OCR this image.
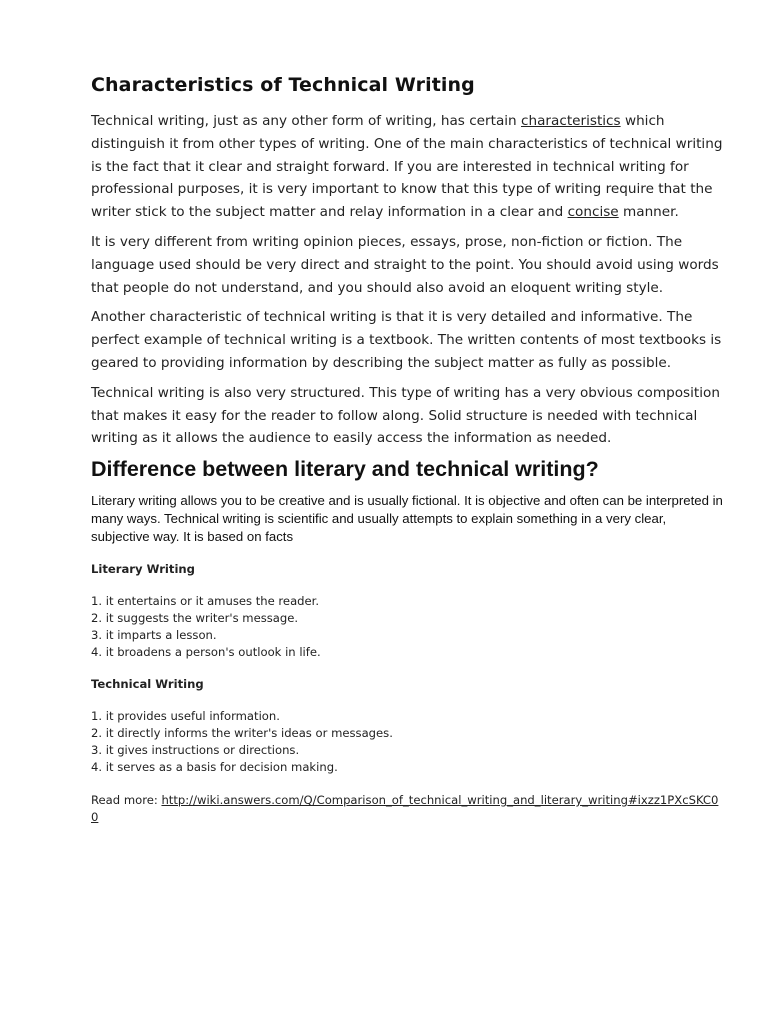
Characteristics of Technical Writing

Technical writing, just as any other form of writing, has certain characteristics which distinguish it from other types of writing. One of the main characteristics of technical writing is the fact that it clear and straight forward. If you are interested in technical writing for professional purposes, it is very important to know that this type of writing require that the writer stick to the subject matter and relay information in a clear and concise manner.

It is very different from writing opinion pieces, essays, prose, non-fiction or fiction. The language used should be very direct and straight to the point. You should avoid using words that people do not understand, and you should also avoid an eloquent writing style.

Another characteristic of technical writing is that it is very detailed and informative. The perfect example of technical writing is a textbook. The written contents of most textbooks is geared to providing information by describing the subject matter as fully as possible.

Technical writing is also very structured. This type of writing has a very obvious composition that makes it easy for the reader to follow along. Solid structure is needed with technical writing as it allows the audience to easily access the information as needed.

Difference between literary and technical writing?

Literary writing allows you to be creative and is usually fictional. It is objective and often can be interpreted in many ways. Technical writing is scientific and usually attempts to explain something in a very clear, subjective way. It is based on facts

Literary Writing
1. it entertains or it amuses the reader.
2. it suggests the writer's message.
3. it imparts a lesson.
4. it broadens a person's outlook in life.
Technical Writing
1. it provides useful information.
2. it directly informs the writer's ideas or messages.
3. it gives instructions or directions.
4. it serves as a basis for decision making.

Read more: http://wiki.answers.com/Q/Comparison_of_technical_writing_and_literary_writing#ixzz1PXcSKC00
